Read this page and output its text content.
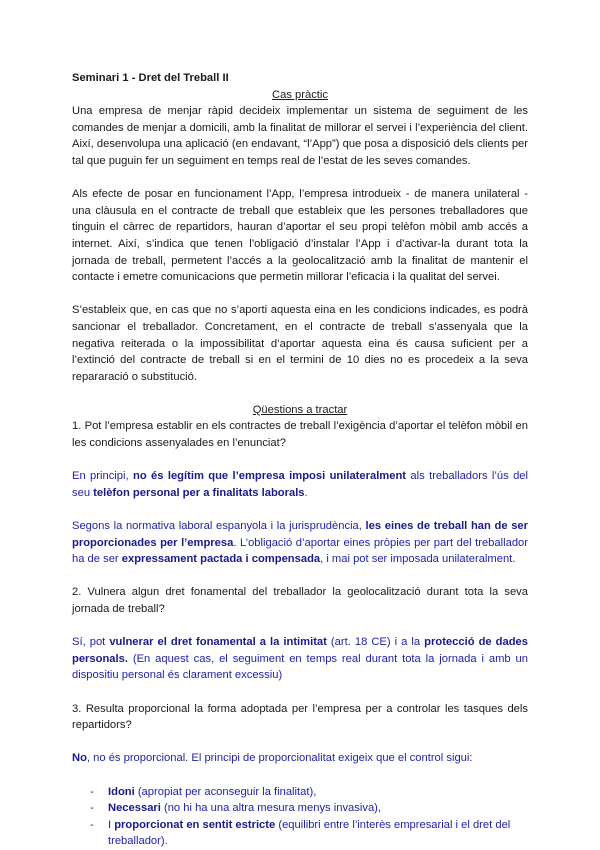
Seminari 1 - Dret del Treball II

Cas pràctic

Una empresa de menjar ràpid decideix implementar un sistema de seguiment de les comandes de menjar a domicili, amb la finalitat de millorar el servei i l’experiència del client. Així, desenvolupa una aplicació (en endavant, “l’App”) que posa a disposició dels clients per tal que puguin fer un seguiment en temps real de l’estat de les seves comandes.

Als efecte de posar en funcionament l’App, l’empresa introdueix - de manera unilateral - una clàusula en el contracte de treball que estableix que les persones treballadores que tinguin el càrrec de repartidors, hauran d’aportar el seu propi telèfon mòbil amb accés a internet. Així, s’indica que tenen l’obligació d’instalar l’App i d’activar-la durant tota la jornada de treball, permetent l’accés a la geolocalització amb la finalitat de mantenir el contacte i emetre comunicacions que permetin millorar l’eficacia i la qualitat del servei.

S’estableix que, en cas que no s’aporti aquesta eina en les condicions indicades, es podrà sancionar el treballador. Concretament, en el contracte de treball s’assenyala que la negativa reiterada o la impossibilitat d’aportar aquesta eina és causa suficient per a l’extinció del contracte de treball si en el termini de 10 dies no es procedeix a la seva repararació o substitució.

Qüestions a tractar

1. Pot l’empresa establir en els contractes de treball l’exigència d’aportar el telèfon mòbil en les condicions assenyalades en l’enunciat?

En principi, no és legítim que l’empresa imposi unilateralment als treballadors l’ús del seu telèfon personal per a finalitats laborals.

Segons la normativa laboral espanyola i la jurisprudència, les eines de treball han de ser proporcionades per l’empresa. L’obligació d’aportar eines pròpies per part del treballador ha de ser expressament pactada i compensada, i mai pot ser imposada unilateralment.

2. Vulnera algun dret fonamental del treballador la geolocalització durant tota la seva jornada de treball?

Sí, pot vulnerar el dret fonamental a la intimitat (art. 18 CE) i a la protecció de dades personals. (En aquest cas, el seguiment en temps real durant tota la jornada i amb un dispositiu personal és clarament excessiu)

3. Resulta proporcional la forma adoptada per l’empresa per a controlar les tasques dels repartidors?

No, no és proporcional. El principi de proporcionalitat exigeix que el control sigui:

- Idoni (apropiat per aconseguir la finalitat),
- Necessari (no hi ha una altra mesura menys invasiva),
- I proporcionat en sentit estricte (equilibri entre l’interès empresarial i el dret del treballador).
